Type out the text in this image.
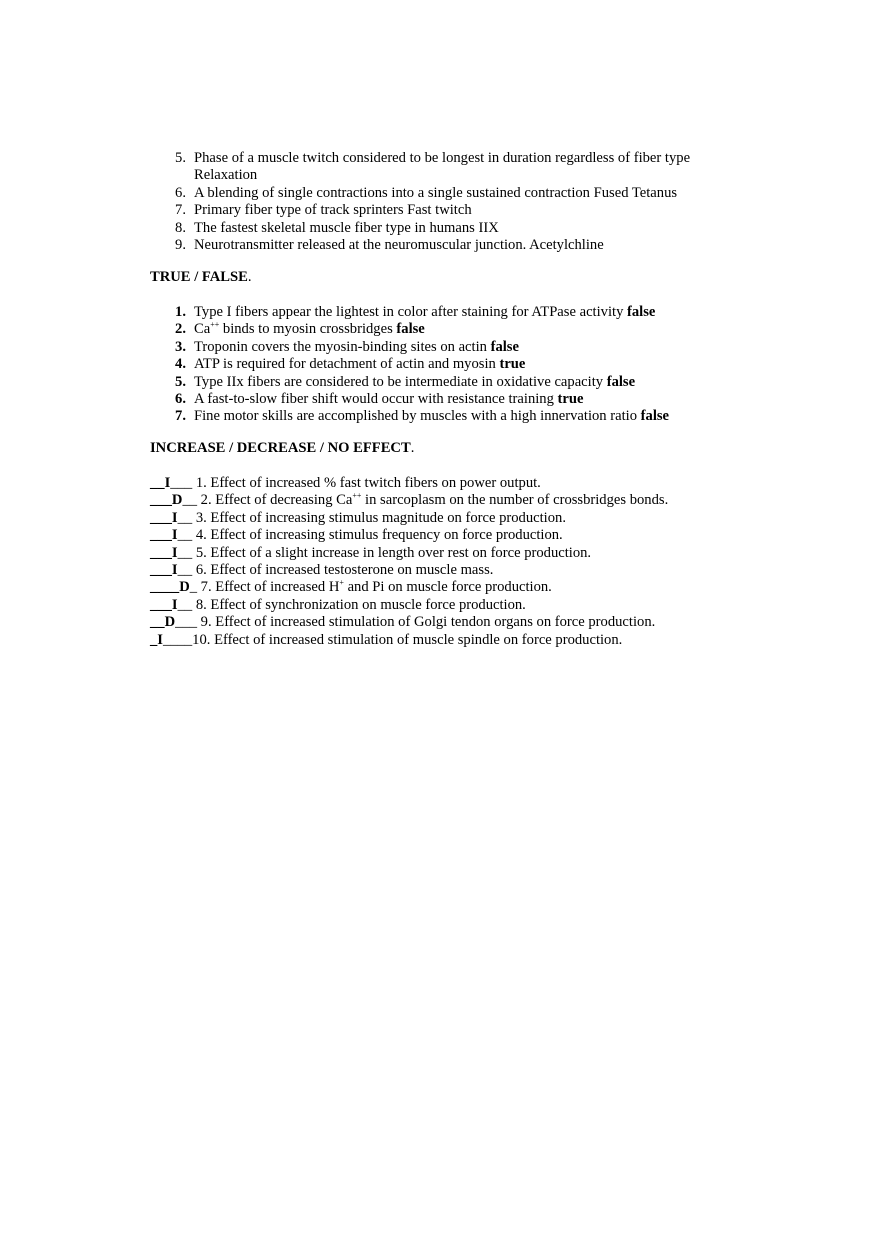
5. Phase of a muscle twitch considered to be longest in duration regardless of fiber type
Relaxation
6. A blending of single contractions into a single sustained contraction Fused Tetanus
7. Primary fiber type of track sprinters Fast twitch
8. The fastest skeletal muscle fiber type in humans IIX
9. Neurotransmitter released at the neuromuscular junction. Acetylchline

TRUE / FALSE.

1. Type I fibers appear the lightest in color after staining for ATPase activity false
2. Ca++ binds to myosin crossbridges false
3. Troponin covers the myosin-binding sites on actin false
4. ATP is required for detachment of actin and myosin true
5. Type IIx fibers are considered to be intermediate in oxidative capacity false
6. A fast-to-slow fiber shift would occur with resistance training true
7. Fine motor skills are accomplished by muscles with a high innervation ratio false

INCREASE / DECREASE / NO EFFECT.

__I___ 1. Effect of increased % fast twitch fibers on power output.
___D__ 2. Effect of decreasing Ca++ in sarcoplasm on the number of crossbridges bonds.
___I__ 3. Effect of increasing stimulus magnitude on force production.
___I__ 4. Effect of increasing stimulus frequency on force production.
___I__ 5. Effect of a slight increase in length over rest on force production.
___I__ 6. Effect of increased testosterone on muscle mass.
____D_ 7. Effect of increased H+ and Pi on muscle force production.
___I__ 8. Effect of synchronization on muscle force production.
__D___ 9. Effect of increased stimulation of Golgi tendon organs on force production.
_I____10. Effect of increased stimulation of muscle spindle on force production.
